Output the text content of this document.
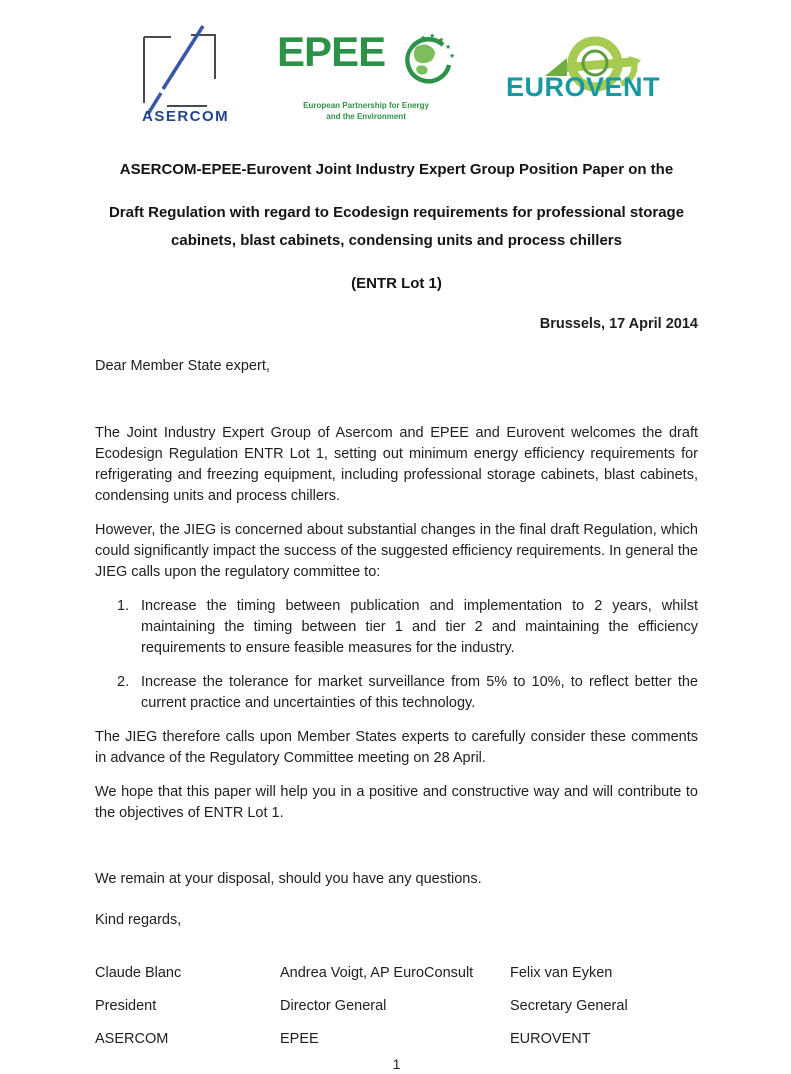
ASERCOM
EPEE	★ ★
★
★
★
European Partnership for Energy
and the Environment
EUROVENT
ASERCOM-EPEE-Eurovent Joint Industry Expert Group Position Paper on the
Draft Regulation with regard to Ecodesign requirements for professional storage
cabinets, blast cabinets, condensing units and process chillers
(ENTR Lot 1)
Brussels, 17 April 2014

Dear Member State expert,

The Joint Industry Expert Group of Asercom and EPEE and Eurovent welcomes the draft Ecodesign Regulation ENTR Lot 1, setting out minimum energy efficiency requirements for refrigerating and freezing equipment, including professional storage cabinets, blast cabinets, condensing units and process chillers.

However, the JIEG is concerned about substantial changes in the final draft Regulation, which could significantly impact the success of the suggested efficiency requirements. In general the JIEG calls upon the regulatory committee to:

1. Increase the timing between publication and implementation to 2 years, whilst maintaining the timing between tier 1 and tier 2 and maintaining the efficiency requirements to ensure feasible measures for the industry.
2. Increase the tolerance for market surveillance from 5% to 10%, to reflect better the current practice and uncertainties of this technology.

The JIEG therefore calls upon Member States experts to carefully consider these comments in advance of the Regulatory Committee meeting on 28 April.

We hope that this paper will help you in a positive and constructive way and will contribute to the objectives of ENTR Lot 1.

We remain at your disposal, should you have any questions.

Kind regards,

Claude Blanc
President
ASERCOM
Andrea Voigt, AP EuroConsult
Director General
EPEE
Felix van Eyken
Secretary General
EUROVENT
1
